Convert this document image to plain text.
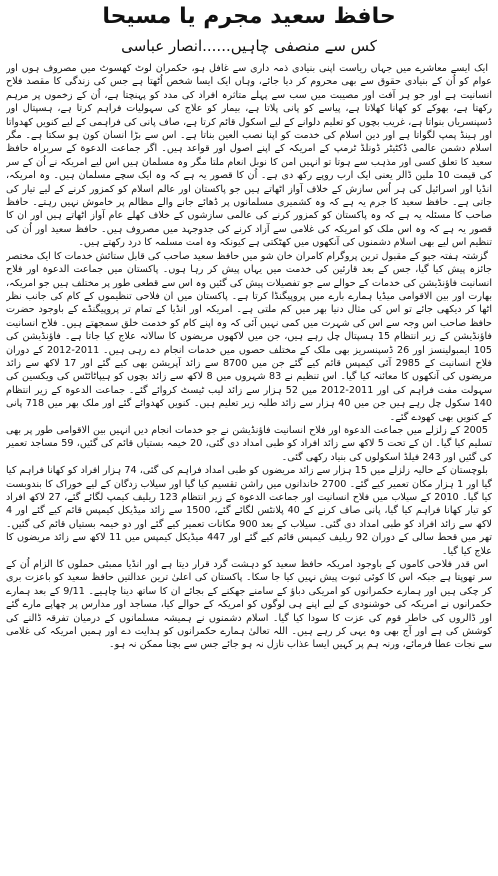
حافظ سعید مجرم یا مسیحا
کس سے منصفی چاہیں......انصار عباسی

ایک ایسے معاشرے میں جہاں ریاست اپنی بنیادی ذمہ داری سے غافل ہو، حکمران لوٹ کھسوٹ میں مصروف ہوں اور عوام کو اُن کے بنیادی حقوق سے بھی محروم کر دیا جائے، وہاں ایک ایسا شخص اُٹھتا ہے جس کی زندگی کا مقصد فلاح انسانیت ہے اور جو ہر آفت اور مصیبت میں سب سے پہلے متاثرہ افراد کی مدد کو پہنچتا ہے، اُن کے زخموں پر مرہم رکھتا ہے، بھوکے کو کھانا کھلاتا ہے، پیاسے کو پانی پلاتا ہے، بیمار کو علاج کی سہولیات فراہم کرتا ہے، ہسپتال اور ڈسپنسریاں بنواتا ہے، غریب بچوں کو تعلیم دلوانے کے لیے اسکول قائم کرتا ہے، صاف پانی کی فراہمی کے لیے کنویں کھدواتا اور ہینڈ پمپ لگواتا ہے اور دین اسلام کی خدمت کو اپنا نصب العین بناتا ہے۔ اس سے بڑا انسان کون ہو سکتا ہے۔ مگر اسلام دشمن عالمی ڈکٹیٹر ڈونلڈ ٹرمپ کے امریکہ کے اپنے اصول اور قواعد ہیں۔ اگر جماعت الدعوة کے سربراہ حافظ سعید کا تعلق کسی اور مذہب سے ہوتا تو انہیں امن کا نوبل انعام ملتا مگر وہ مسلمان ہیں اس لیے امریکہ نے اُن کے سر کی قیمت 10 ملین ڈالر یعنی ایک ارب روپے رکھ دی ہے۔ اُن کا قصور یہ ہے کہ وہ ایک سچے مسلمان ہیں۔ وہ امریکہ، انڈیا اور اسرائیل کی ہر اُس سازش کے خلاف آواز اٹھاتے ہیں جو پاکستان اور عالم اسلام کو کمزور کرنے کے لیے تیار کی جاتی ہے۔ حافظ سعید کا جرم یہ ہے کہ وہ کشمیری مسلمانوں پر ڈھائے جانے والے مظالم پر خاموش نہیں رہتے۔ حافظ صاحب کا مسئلہ یہ ہے کہ وہ پاکستان کو کمزور کرنے کی عالمی سازشوں کے خلاف کھلے عام آواز اٹھاتے ہیں اور ان کا قصور یہ ہے کہ وہ اس ملک کو امریکہ کی غلامی سے آزاد کرنے کی جدوجہد میں مصروف ہیں۔ حافظ سعید اور اُن کی تنظیم اس لیے بھی اسلام دشمنوں کی آنکھوں میں کھٹکتی ہے کیونکہ وہ امت مسلمہ کا درد رکھتے ہیں۔

گزشتہ ہفتہ جیو کے مقبول ترین پروگرام کامران خان شو میں حافظ سعید صاحب کی قابل ستائش خدمات کا ایک مختصر جائزہ پیش کیا گیا، جس کے بعد قارئین کی خدمت میں یہاں پیش کر رہا ہوں۔ پاکستان میں جماعت الدعوة اور فلاح انسانیت فاؤنڈیشن کی خدمات کے حوالے سے جو تفصیلات پیش کی گئیں وہ اس سے قطعی طور پر مختلف ہیں جو امریکہ، بھارت اور بین الاقوامی میڈیا ہمارے بارے میں پروپیگنڈا کرتا ہے۔ پاکستان میں ان فلاحی تنظیموں کے کام کی جانب نظر اٹھا کر دیکھی جائے تو اس کی مثال دنیا بھر میں کم ملتی ہے۔ امریکہ اور انڈیا کے تمام تر پروپیگنڈے کے باوجود حضرت حافظ صاحب اس وجہ سے اس کی شہرت میں کمی نہیں آئی کہ وہ اپنے کام کو خدمت خلق سمجھتے ہیں۔ فلاح انسانیت فاؤنڈیشن کے زیر انتظام 15 ہسپتال چل رہے ہیں، جن میں لاکھوں مریضوں کا سالانہ علاج کیا جاتا ہے۔ فاؤنڈیشن کی 105 ایمبولینسز اور 26 ڈسپنسریز بھی ملک کے مختلف حصوں میں خدمات انجام دے رہی ہیں۔ 2011-2012 کے دوران فلاح انسانیت کے 2985 آئی کیمپس قائم کیے گئے جن میں 8700 سے زائد آپریشن بھی کیے گئے اور 17 لاکھ سے زائد مریضوں کی آنکھوں کا معائنہ کیا گیا۔ اس تنظیم نے 83 شہروں میں 8 لاکھ سے زائد بچوں کو ہیپاٹائٹس کی ویکسین کی سہولت مفت فراہم کی اور 2011-2012 میں 52 ہزار سے زائد لیب ٹیسٹ کروائے گئے۔ جماعت الدعوة کے زیر انتظام 140 سکول چل رہے ہیں جن میں 40 ہزار سے زائد طلبہ زیر تعلیم ہیں۔ کنویں کھدوائے گئے اور ملک بھر میں 718 پانی کے کنویں بھی کھودے گئے۔

2005 کے زلزلے میں جماعت الدعوة اور فلاح انسانیت فاؤنڈیشن نے جو خدمات انجام دیں انہیں بین الاقوامی طور پر بھی تسلیم کیا گیا۔ ان کے تحت 5 لاکھ سے زائد افراد کو طبی امداد دی گئی، 20 خیمہ بستیاں قائم کی گئیں، 59 مساجد تعمیر کی گئیں اور 243 فیلڈ اسکولوں کی بنیاد رکھی گئی۔

بلوچستان کے حالیہ زلزلے میں 15 ہزار سے زائد مریضوں کو طبی امداد فراہم کی گئی، 74 ہزار افراد کو کھانا فراہم کیا گیا اور 1 ہزار مکان تعمیر کیے گئے۔ 2700 خاندانوں میں راشن تقسیم کیا گیا اور سیلاب زدگان کے لیے خوراک کا بندوبست کیا گیا۔ 2010 کے سیلاب میں فلاح انسانیت اور جماعت الدعوة کے زیر انتظام 123 ریلیف کیمپ لگائے گئے، 27 لاکھ افراد کو تیار کھانا فراہم کیا گیا، پانی صاف کرنے کے 40 پلانٹس لگائے گئے، 1500 سے زائد میڈیکل کیمپس قائم کیے گئے اور 4 لاکھ سے زائد افراد کو طبی امداد دی گئی۔ سیلاب کے بعد 900 مکانات تعمیر کیے گئے اور دو خیمہ بستیاں قائم کی گئیں۔ تھر میں قحط سالی کے دوران 92 ریلیف کیمپس قائم کیے گئے اور 447 میڈیکل کیمپس میں 11 لاکھ سے زائد مریضوں کا علاج کیا گیا۔

اس قدر فلاحی کاموں کے باوجود امریکہ حافظ سعید کو دہشت گرد قرار دیتا ہے اور انڈیا ممبئی حملوں کا الزام اُن کے سر تھوپتا ہے جبکہ اس کا کوئی ثبوت پیش نہیں کیا جا سکا۔ پاکستان کی اعلیٰ ترین عدالتیں حافظ سعید کو باعزت بری کر چکی ہیں اور ہمارے حکمرانوں کو امریکی دباؤ کے سامنے جھکنے کے بجائے ان کا ساتھ دینا چاہیے۔ 9/11 کے بعد ہمارے حکمرانوں نے امریکہ کی خوشنودی کے لیے اپنے ہی لوگوں کو امریکہ کے حوالے کیا، مساجد اور مدارس پر چھاپے مارے گئے اور ڈالروں کی خاطر قوم کی عزت کا سودا کیا گیا۔ اسلام دشمنوں نے ہمیشہ مسلمانوں کے درمیان تفرقہ ڈالنے کی کوشش کی ہے اور آج بھی وہ یہی کر رہے ہیں۔ اللہ تعالیٰ ہمارے حکمرانوں کو ہدایت دے اور ہمیں امریکہ کی غلامی سے نجات عطا فرمائے، ورنہ ہم پر کہیں ایسا عذاب نازل نہ ہو جائے جس سے بچنا ممکن نہ ہو۔
